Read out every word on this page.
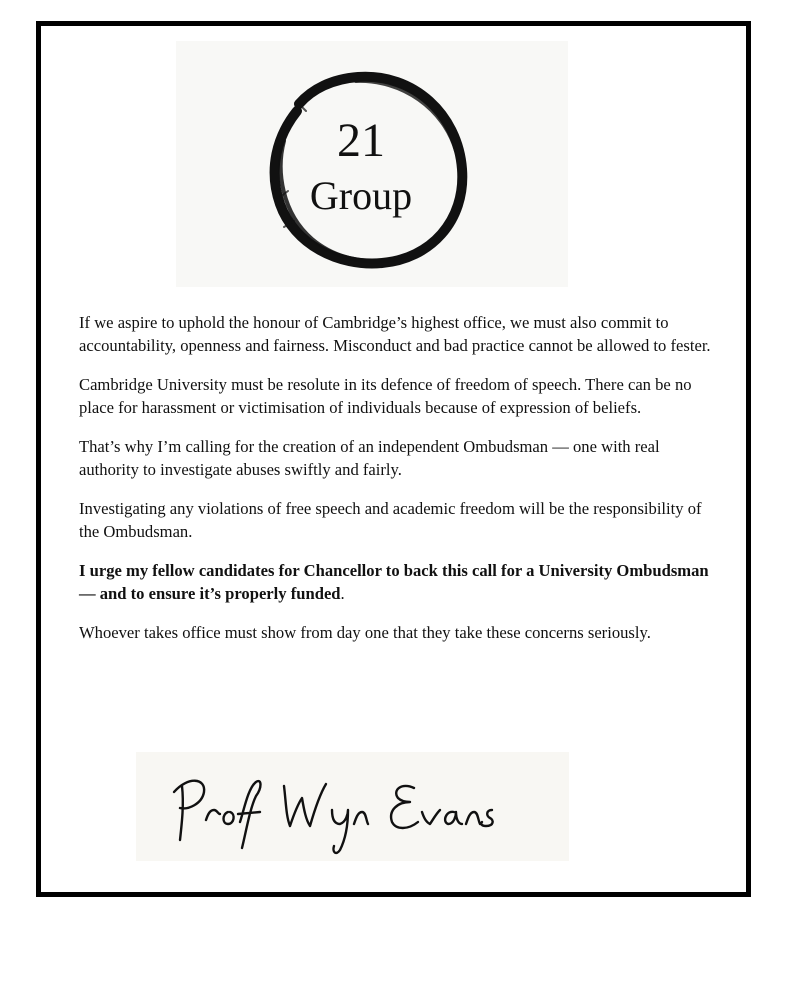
21
Group

If we aspire to uphold the honour of Cambridge’s highest office, we must also commit to accountability, openness and fairness. Misconduct and bad practice cannot be allowed to fester.

Cambridge University must be resolute in its defence of freedom of speech. There can be no place for harassment or victimisation of individuals because of expression of beliefs.

That’s why I’m calling for the creation of an independent Ombudsman — one with real authority to investigate abuses swiftly and fairly.

Investigating any violations of free speech and academic freedom will be the responsibility of the Ombudsman.

I urge my fellow candidates for Chancellor to back this call for a University Ombudsman — and to ensure it’s properly funded.

Whoever takes office must show from day one that they take these concerns seriously.
